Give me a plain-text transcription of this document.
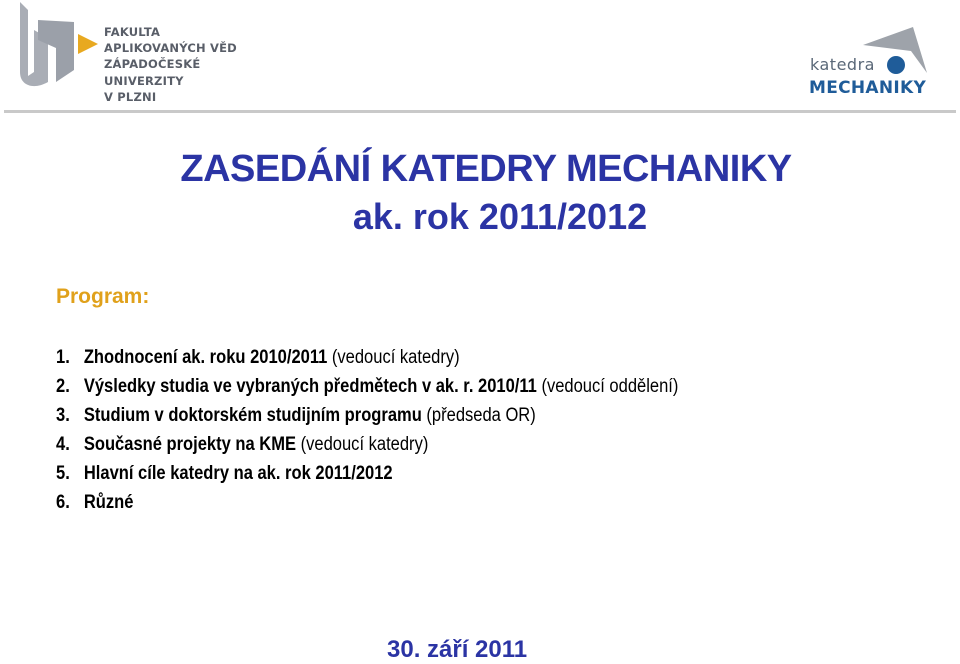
FAKULTA
APLIKOVANÝCH VĚD
ZÁPADOČESKÉ
UNIVERZITY
V PLZNI
katedra
MECHANIKY
ZASEDÁNÍ KATEDRY MECHANIKY
ak. rok 2011/2012
Program:
1. Zhodnocení ak. roku 2010/2011 (vedoucí katedry)
2. Výsledky studia ve vybraných předmětech v ak. r. 2010/11 (vedoucí oddělení)
3. Studium v doktorském studijním programu (předseda OR)
4. Současné projekty na KME (vedoucí katedry)
5. Hlavní cíle katedry na ak. rok 2011/2012
6. Různé
30. září 2011
